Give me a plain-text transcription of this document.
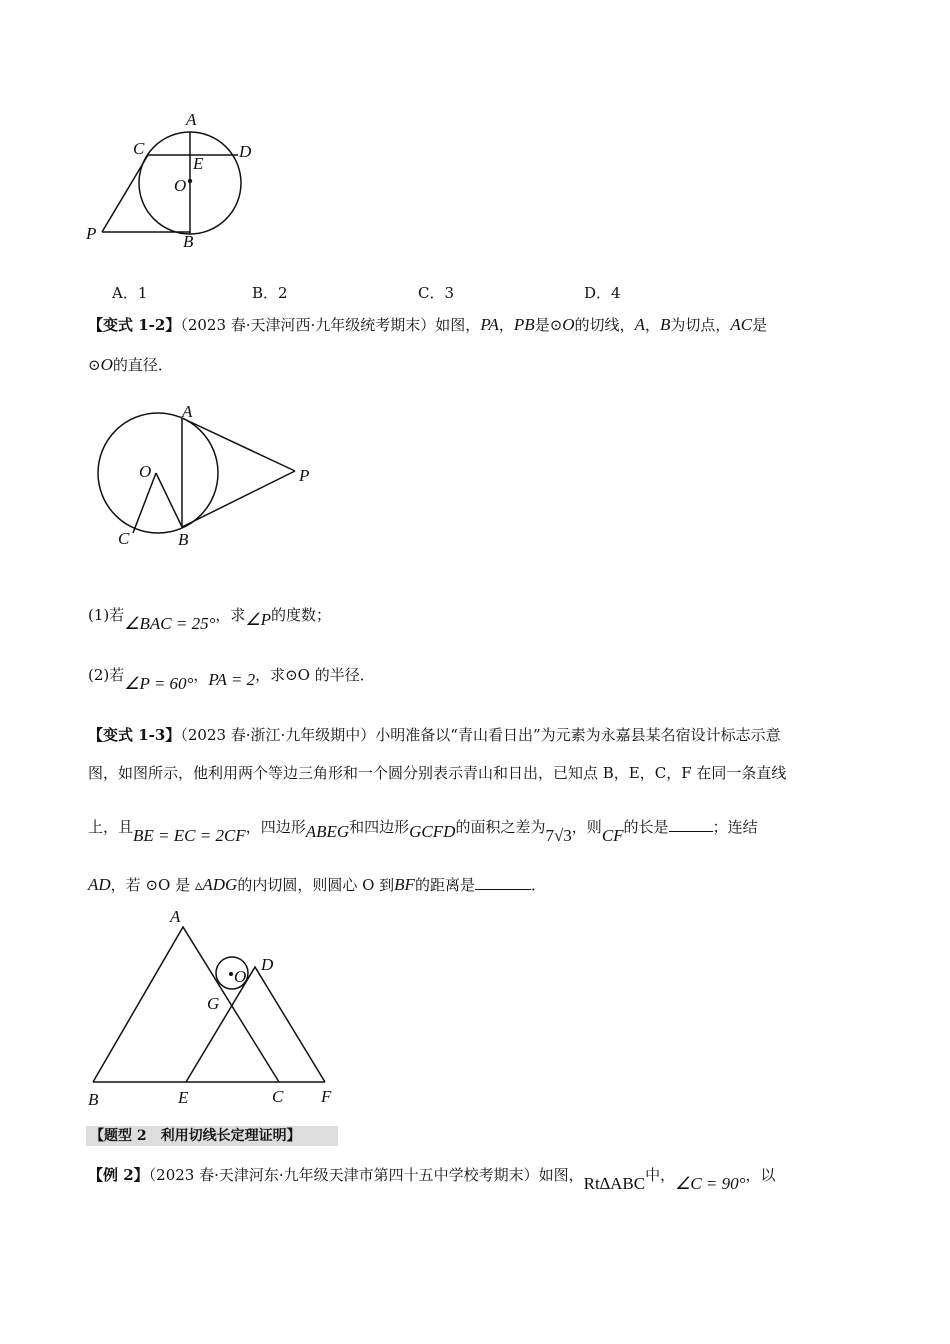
A
C	D
E
O
P	B
A．1	B．2	C．3	D．4
【变式 1-2】（2023 春·天津河西·九年级统考期末）如图，PA，PB是⊙O的切线，A，B为切点，AC是
⊙O的直径．
A
O	P
C	B
(1)若∠BAC = 25°，求∠P的度数；
(2)若∠P = 60°，PA = 2，求⊙O 的半径．
【变式 1-3】（2023 春·浙江·九年级期中）小明准备以“青山看日出”为元素为永嘉县某名宿设计标志示意
图，如图所示，他利用两个等边三角形和一个圆分别表示青山和日出，已知点 B，E，C，F 在同一条直线
上，且BE = EC = 2CF，四边形ABEG和四边形GCFD的面积之差为7√3，则CF的长是	；连结
AD，若 ⊙O 是 ▵ADG的内切圆，则圆心 O 到BF的距离是	．
A
D
O
G
B	E	C F
【题型 2　利用切线长定理证明】
【例 2】（2023 春·天津河东·九年级天津市第四十五中学校考期末）如图，Rt∆ABC中，∠C = 90°，以
